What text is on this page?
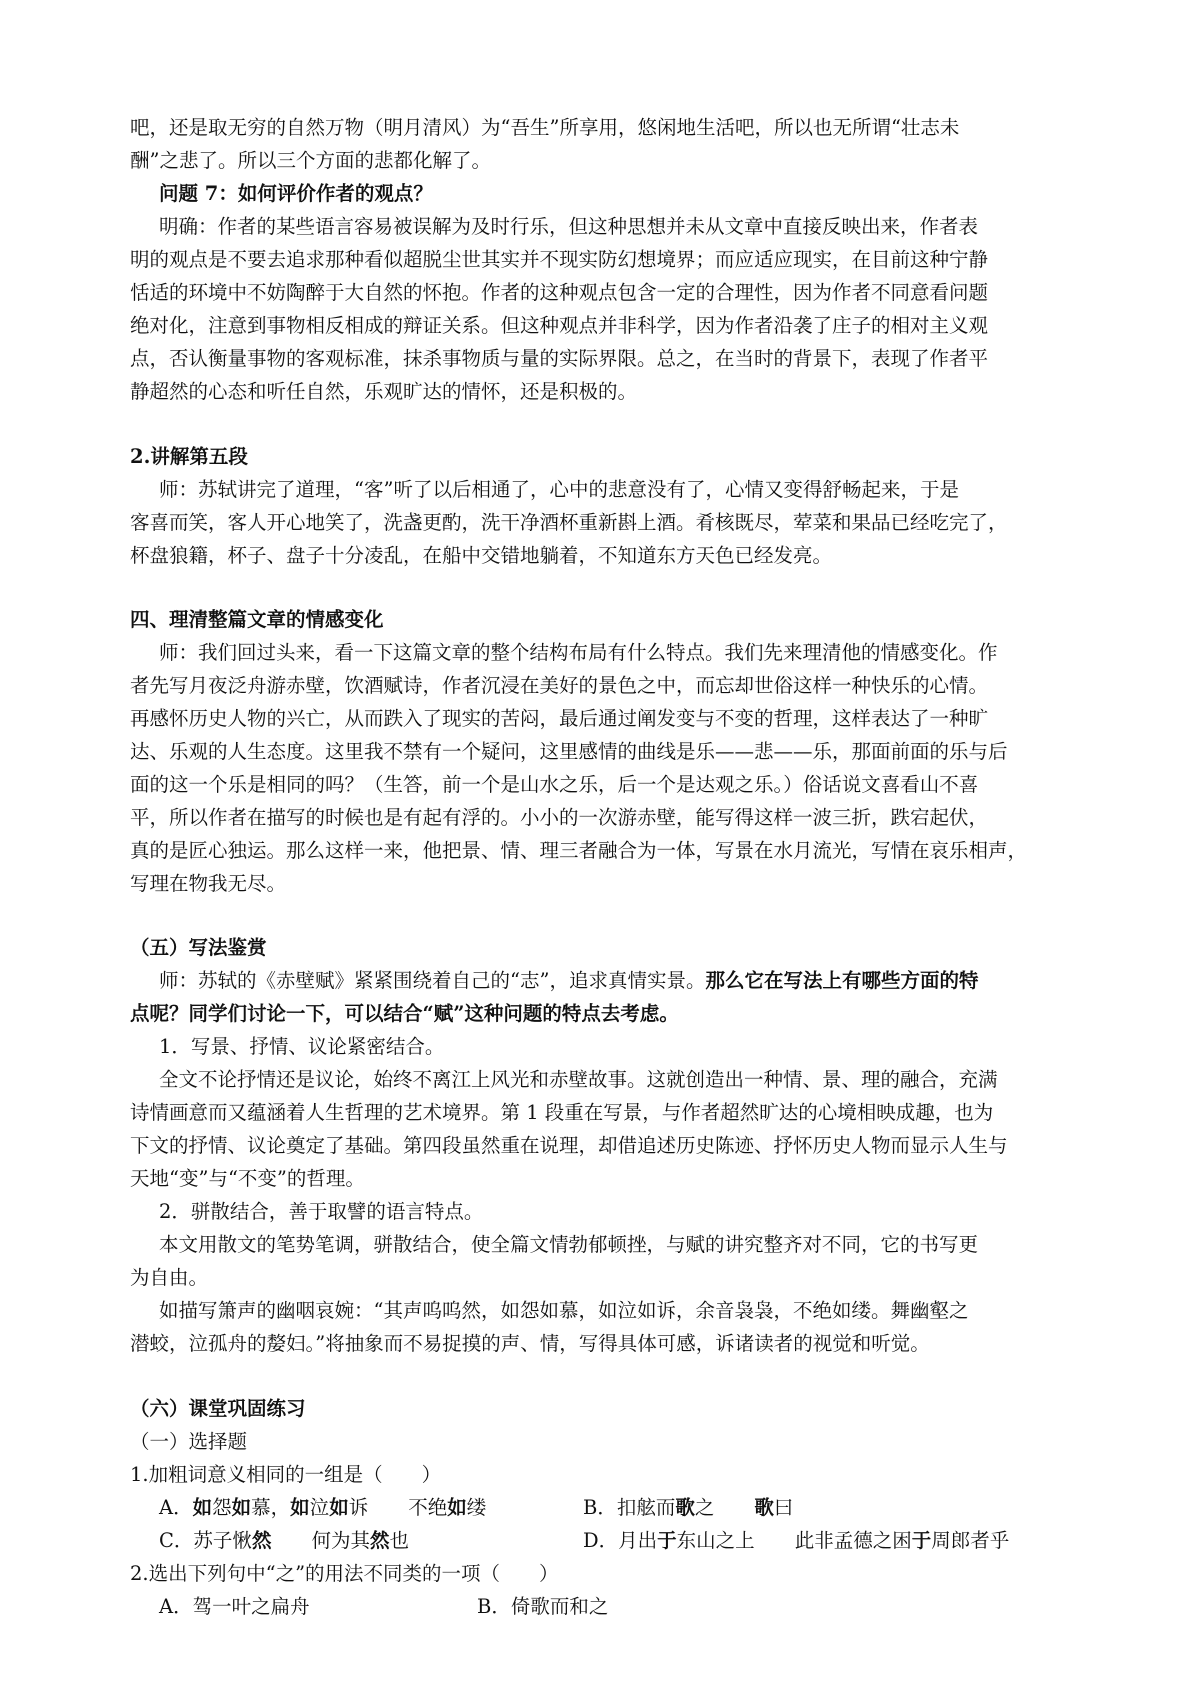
吧，还是取无穷的自然万物（明月清风）为“吾生”所享用，悠闲地生活吧，所以也无所谓“壮志未
酬”之悲了。所以三个方面的悲都化解了。
问题 7：如何评价作者的观点？
明确：作者的某些语言容易被误解为及时行乐，但这种思想并未从文章中直接反映出来，作者表
明的观点是不要去追求那种看似超脱尘世其实并不现实防幻想境界；而应适应现实，在目前这种宁静
恬适的环境中不妨陶醉于大自然的怀抱。作者的这种观点包含一定的合理性，因为作者不同意看问题
绝对化，注意到事物相反相成的辩证关系。但这种观点并非科学，因为作者沿袭了庄子的相对主义观
点，否认衡量事物的客观标准，抹杀事物质与量的实际界限。总之，在当时的背景下，表现了作者平
静超然的心态和听任自然，乐观旷达的情怀，还是积极的。
2.讲解第五段
师：苏轼讲完了道理，“客”听了以后相通了，心中的悲意没有了，心情又变得舒畅起来，于是
客喜而笑，客人开心地笑了，洗盏更酌，洗干净酒杯重新斟上酒。肴核既尽，荤菜和果品已经吃完了，
杯盘狼籍，杯子、盘子十分凌乱，在船中交错地躺着，不知道东方天色已经发亮。
四、理清整篇文章的情感变化
师：我们回过头来，看一下这篇文章的整个结构布局有什么特点。我们先来理清他的情感变化。作
者先写月夜泛舟游赤壁，饮酒赋诗，作者沉浸在美好的景色之中，而忘却世俗这样一种快乐的心情。
再感怀历史人物的兴亡，从而跌入了现实的苦闷，最后通过阐发变与不变的哲理，这样表达了一种旷
达、乐观的人生态度。这里我不禁有一个疑问，这里感情的曲线是乐——悲——乐，那面前面的乐与后
面的这一个乐是相同的吗？（生答，前一个是山水之乐，后一个是达观之乐。）俗话说文喜看山不喜
平，所以作者在描写的时候也是有起有浮的。小小的一次游赤壁，能写得这样一波三折，跌宕起伏，
真的是匠心独运。那么这样一来，他把景、情、理三者融合为一体，写景在水月流光，写情在哀乐相声，
写理在物我无尽。
（五）写法鉴赏
师：苏轼的《赤壁赋》紧紧围绕着自己的“志”，追求真情实景。那么它在写法上有哪些方面的特
点呢？同学们讨论一下，可以结合“赋”这种问题的特点去考虑。
1．写景、抒情、议论紧密结合。
全文不论抒情还是议论，始终不离江上风光和赤壁故事。这就创造出一种情、景、理的融合，充满
诗情画意而又蕴涵着人生哲理的艺术境界。第 1 段重在写景，与作者超然旷达的心境相映成趣，也为
下文的抒情、议论奠定了基础。第四段虽然重在说理，却借追述历史陈迹、抒怀历史人物而显示人生与
天地“变”与“不变”的哲理。
2．骈散结合，善于取譬的语言特点。
本文用散文的笔势笔调，骈散结合，使全篇文情勃郁顿挫，与赋的讲究整齐对不同，它的书写更
为自由。
如描写箫声的幽咽哀婉：“其声呜呜然，如怨如慕，如泣如诉，余音袅袅，不绝如缕。舞幽壑之
潜蛟，泣孤舟的嫠妇。”将抽象而不易捉摸的声、情，写得具体可感，诉诸读者的视觉和听觉。
（六）课堂巩固练习
（一）选择题
1.加粗词意义相同的一组是（　　）
A．如怨如慕，如泣如诉 不绝如缕	B．扣舷而歌之 歌曰
C．苏子愀然 何为其然也	D．月出于东山之上 此非孟德之困于周郎者乎
2.选出下列句中“之”的用法不同类的一项（　　）
A．驾一叶之扁舟	B．倚歌而和之
